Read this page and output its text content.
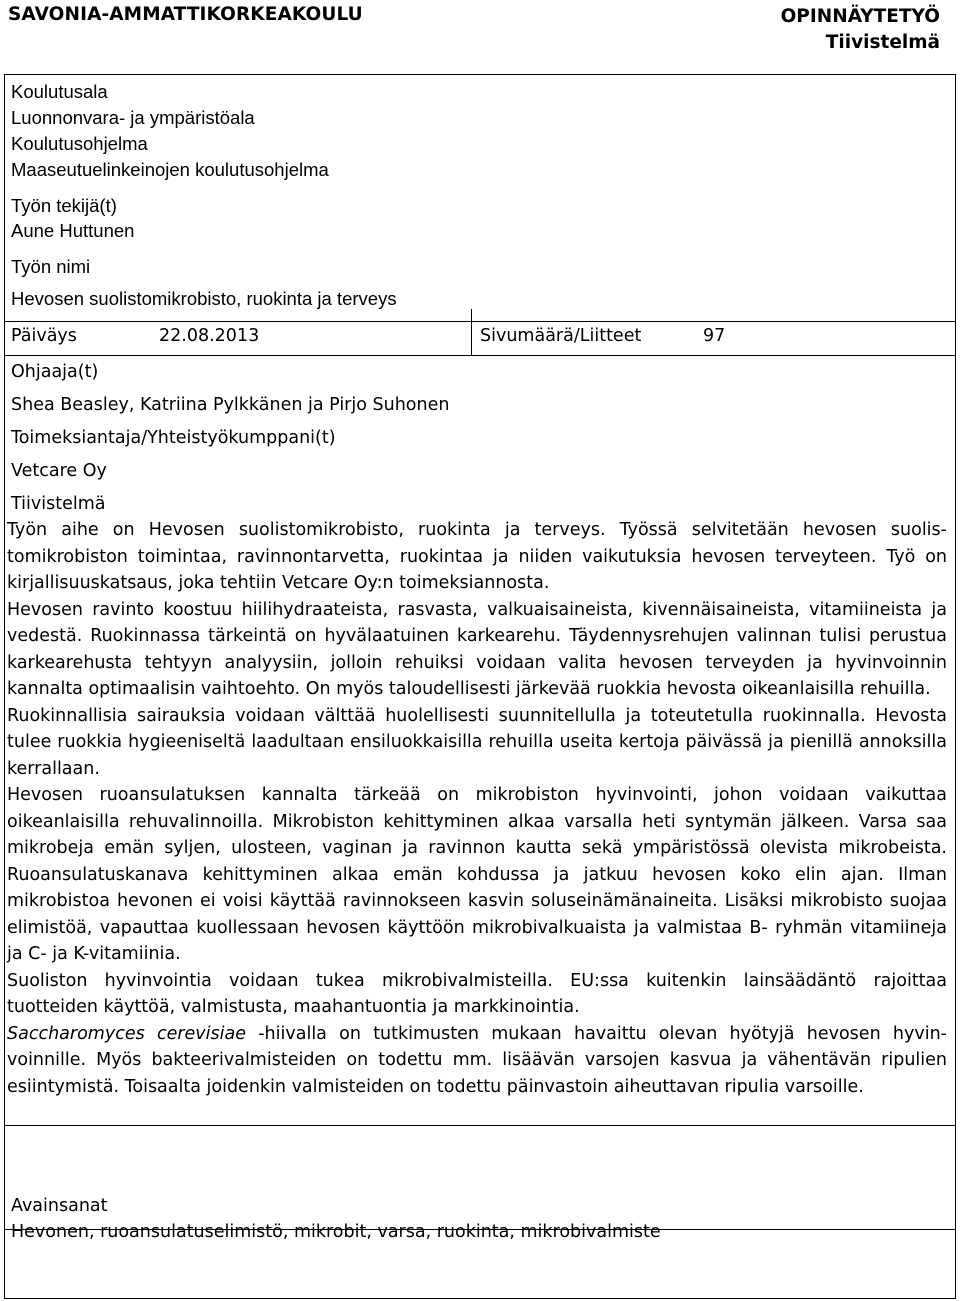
SAVONIA-AMMATTIKORKEAKOULU	OPINNÄYTETYÖ
Tiivistelmä
Koulutusala
Luonnonvara- ja ympäristöala
Koulutusohjelma
Maaseutuelinkeinojen koulutusohjelma
Työn tekijä(t)
Aune Huttunen
Työn nimi
Hevosen suolistomikrobisto, ruokinta ja terveys
Päiväys	22.08.2013	Sivumäärä/Liitteet	97
Ohjaaja(t)
Shea Beasley, Katriina Pylkkänen ja Pirjo Suhonen
Toimeksiantaja/Yhteistyökumppani(t)
Vetcare Oy
Tiivistelmä

Työn aihe on Hevosen suolistomikrobisto, ruokinta ja terveys. Työssä selvitetään hevosen suolistomikrobiston toimintaa, ravinnontarvetta, ruokintaa ja niiden vaikutuksia hevosen terveyteen. Työ on kirjallisuuskatsaus, joka tehtiin Vetcare Oy:n toimeksiannosta.

Hevosen ravinto koostuu hiilihydraateista, rasvasta, valkuaisaineista, kivennäisaineista, vitamiineista ja vedestä. Ruokinnassa tärkeintä on hyvälaatuinen karkearehu. Täydennysrehujen valinnan tulisi perustua karkearehusta tehtyyn analyysiin, jolloin rehuiksi voidaan valita hevosen terveyden ja hyvinvoinnin kannalta optimaalisin vaihtoehto. On myös taloudellisesti järkevää ruokkia hevosta oikeanlaisilla rehuilla.

Ruokinnallisia sairauksia voidaan välttää huolellisesti suunnitellulla ja toteutetulla ruokinnalla. Hevosta tulee ruokkia hygieeniseltä laadultaan ensiluokkaisilla rehuilla useita kertoja päivässä ja pienillä annoksilla kerrallaan.

Hevosen ruoansulatuksen kannalta tärkeää on mikrobiston hyvinvointi, johon voidaan vaikuttaa oikeanlaisilla rehuvalinnoilla. Mikrobiston kehittyminen alkaa varsalla heti syntymän jälkeen. Varsa saa mikrobeja emän syljen, ulosteen, vaginan ja ravinnon kautta sekä ympäristössä olevista mikrobeista. Ruoansulatuskanava kehittyminen alkaa emän kohdussa ja jatkuu hevosen koko elin ajan. Ilman mikrobistoa hevonen ei voisi käyttää ravinnokseen kasvin soluseinämänaineita. Lisäksi mikrobisto suojaa elimistöä, vapauttaa kuollessaan hevosen käyttöön mikrobivalkuaista ja valmistaa B- ryhmän vitamiineja ja C- ja K-vitamiinia.

Suoliston hyvinvointia voidaan tukea mikrobivalmisteilla. EU:ssa kuitenkin lainsäädäntö rajoittaa tuotteiden käyttöä, valmistusta, maahantuontia ja markkinointia.

Saccharomyces cerevisiae -hiivalla on tutkimusten mukaan havaittu olevan hyötyjä hevosen hyvinvoinnille. Myös bakteerivalmisteiden on todettu mm. lisäävän varsojen kasvua ja vähentävän ripulien esiintymistä. Toisaalta joidenkin valmisteiden on todettu päinvastoin aiheuttavan ripulia varsoille.

Avainsanat
Hevonen, ruoansulatuselimistö, mikrobit, varsa, ruokinta, mikrobivalmiste
